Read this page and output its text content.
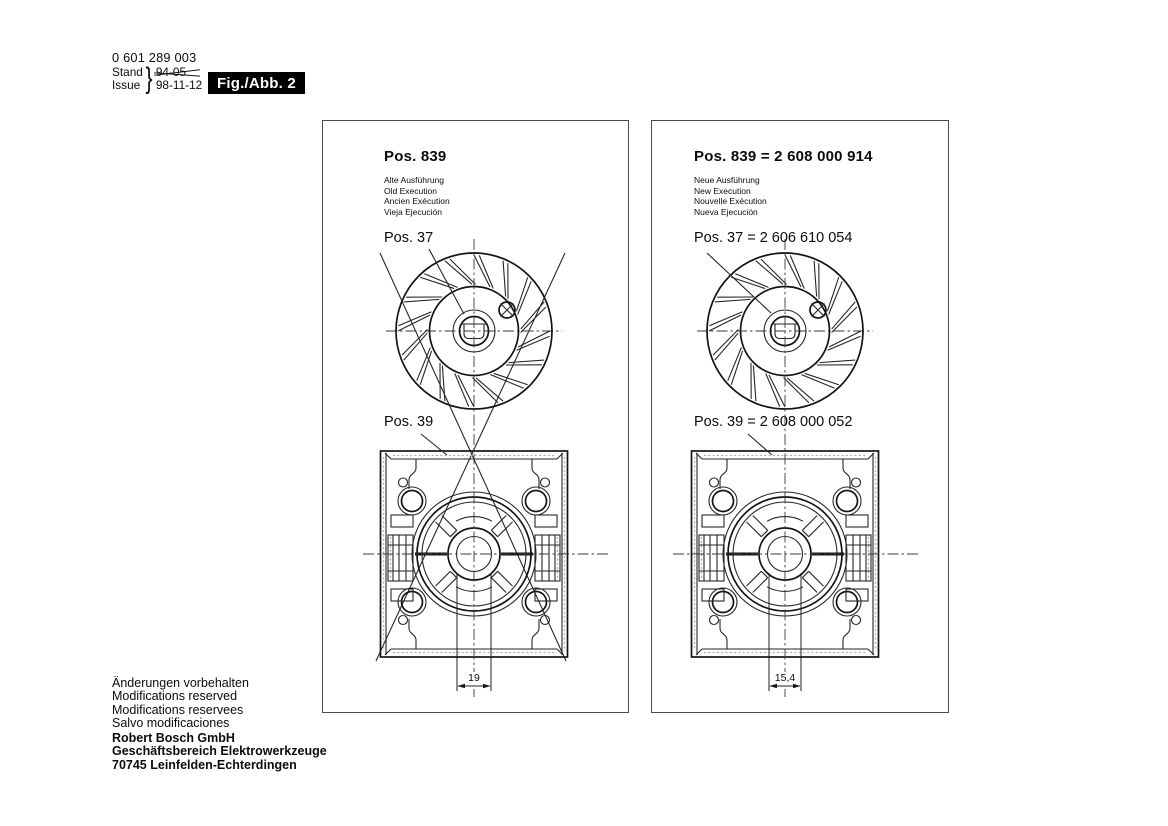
0 601 289 003
Stand
Issue } 94-05
98-11-12 Fig./Abb. 2
19
Pos. 839
Alte Ausführung
Old Execution
Ancien Exécution
Vieja Ejecución
Pos. 37
Pos. 39
15,4
Pos. 839 = 2 608 000 914
Neue Ausführung
New Execution
Nouvelle Exécution
Nueva Ejecución
Pos. 37 = 2 606 610 054
Pos. 39 = 2 608 000 052
Änderungen vorbehalten
Modifications reserved
Modifications reservees
Salvo modificaciones
Robert Bosch GmbH
Geschäftsbereich Elektrowerkzeuge
70745 Leinfelden-Echterdingen
